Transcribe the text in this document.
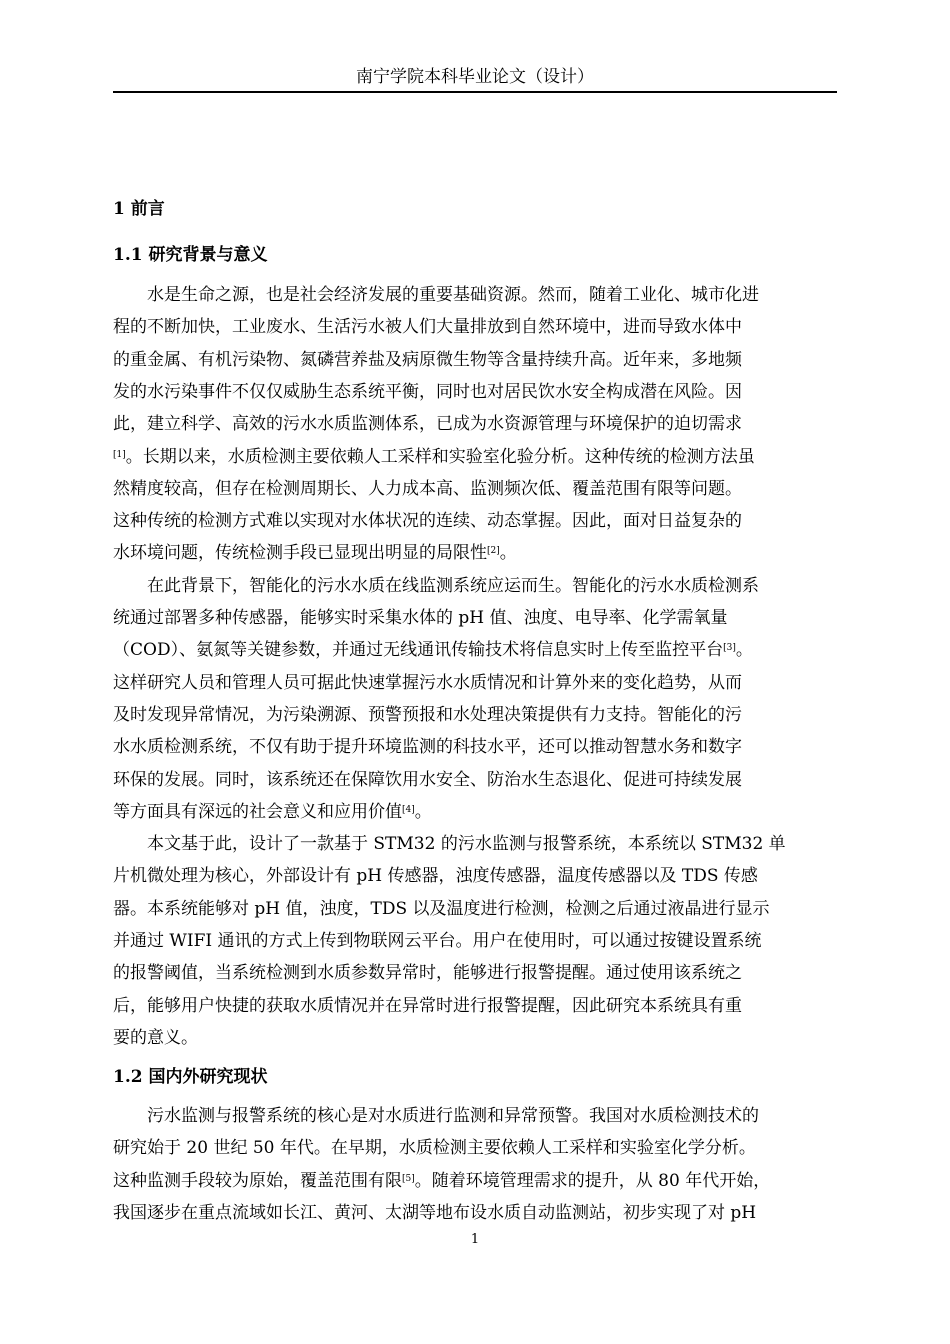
南宁学院本科毕业论文（设计）
1 前言
1.1 研究背景与意义
　　水是生命之源，也是社会经济发展的重要基础资源。然而，随着工业化、城市化进
程的不断加快，工业废水、生活污水被人们大量排放到自然环境中，进而导致水体中
的重金属、有机污染物、氮磷营养盐及病原微生物等含量持续升高。近年来，多地频
发的水污染事件不仅仅威胁生态系统平衡，同时也对居民饮水安全构成潜在风险。因
此，建立科学、高效的污水水质监测体系，已成为水资源管理与环境保护的迫切需求
[1]。长期以来，水质检测主要依赖人工采样和实验室化验分析。这种传统的检测方法虽
然精度较高，但存在检测周期长、人力成本高、监测频次低、覆盖范围有限等问题。
这种传统的检测方式难以实现对水体状况的连续、动态掌握。因此，面对日益复杂的
水环境问题，传统检测手段已显现出明显的局限性[2]。
　　在此背景下，智能化的污水水质在线监测系统应运而生。智能化的污水水质检测系
统通过部署多种传感器，能够实时采集水体的 pH 值、浊度、电导率、化学需氧量
（COD）、氨氮等关键参数，并通过无线通讯传输技术将信息实时上传至监控平台[3]。
这样研究人员和管理人员可据此快速掌握污水水质情况和计算外来的变化趋势，从而
及时发现异常情况，为污染溯源、预警预报和水处理决策提供有力支持。智能化的污
水水质检测系统，不仅有助于提升环境监测的科技水平，还可以推动智慧水务和数字
环保的发展。同时，该系统还在保障饮用水安全、防治水生态退化、促进可持续发展
等方面具有深远的社会意义和应用价值[4]。
　　本文基于此，设计了一款基于 STM32 的污水监测与报警系统，本系统以 STM32 单
片机微处理为核心，外部设计有 pH 传感器，浊度传感器，温度传感器以及 TDS 传感
器。本系统能够对 pH 值，浊度，TDS 以及温度进行检测，检测之后通过液晶进行显示
并通过 WIFI 通讯的方式上传到物联网云平台。用户在使用时，可以通过按键设置系统
的报警阈值，当系统检测到水质参数异常时，能够进行报警提醒。通过使用该系统之
后，能够用户快捷的获取水质情况并在异常时进行报警提醒，因此研究本系统具有重
要的意义。
1.2 国内外研究现状
　　污水监测与报警系统的核心是对水质进行监测和异常预警。我国对水质检测技术的
研究始于 20 世纪 50 年代。在早期，水质检测主要依赖人工采样和实验室化学分析。
这种监测手段较为原始，覆盖范围有限[5]。随着环境管理需求的提升，从 80 年代开始，
我国逐步在重点流域如长江、黄河、太湖等地布设水质自动监测站，初步实现了对 pH
1
